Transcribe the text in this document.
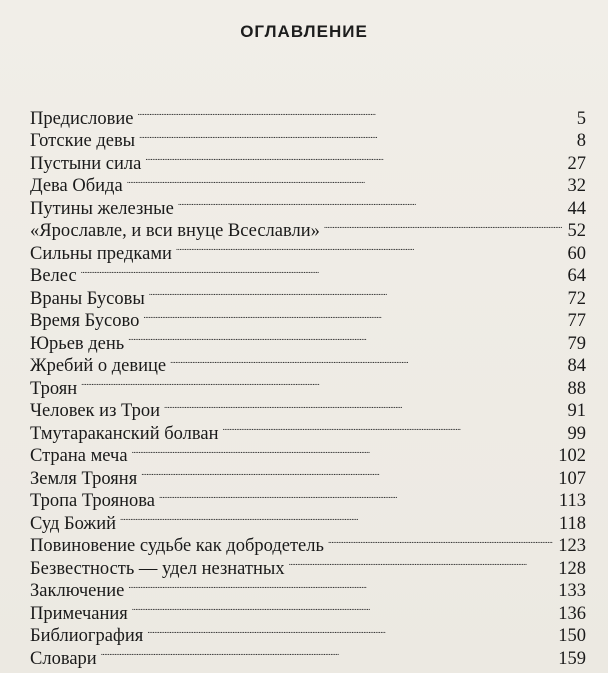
ОГЛАВЛЕНИЕ
Предисловие . . .	5
Готские девы . . .	8
Пустыни сила . . .	27
Дева Обида . . .	32
Путины железные . . .	44
«Ярославле, и вси внуце Всеславли» . . .	52
Сильны предками . . .	60
Велес . . .	64
Враны Бусовы . . .	72
Время Бусово . . .	77
Юрьев день . . .	79
Жребий о девице . . .	84
Троян . . .	88
Человек из Трои . . .	91
Тмутараканский болван . . .	99
Страна меча . . .	102
Земля Трояня . . .	107
Тропа Троянова . . .	113
Суд Божий . . .	118
Повиновение судьбе как добродетель . . .	123
Безвестность — удел незнатных . . .	128
Заключение . . .	133
Примечания . . .	136
Библиография . . .	150
Словари . . .	159
